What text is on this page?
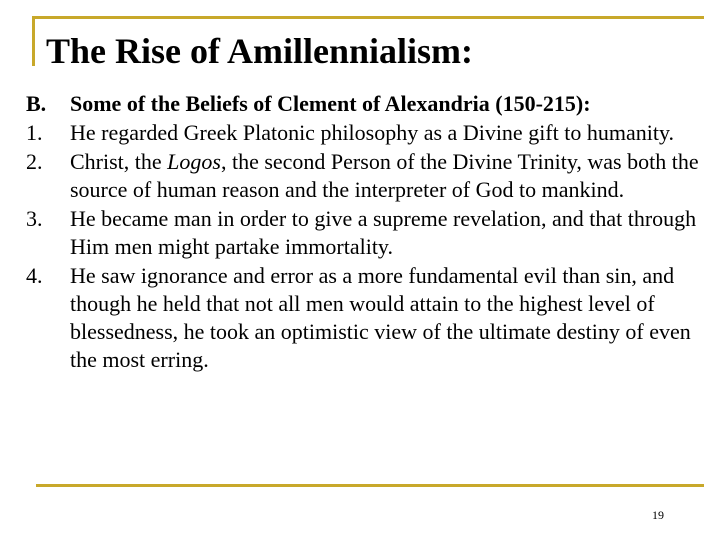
The Rise of Amillennialism:
B. Some of the Beliefs of Clement of Alexandria (150-215):
1. He regarded Greek Platonic philosophy as a Divine gift to humanity.
2. Christ, the Logos, the second Person of the Divine Trinity, was both the source of human reason and the interpreter of God to mankind.
3. He became man in order to give a supreme revelation, and that through Him men might partake immortality.
4. He saw ignorance and error as a more fundamental evil than sin, and though he held that not all men would attain to the highest level of blessedness, he took an optimistic view of the ultimate destiny of even the most erring.
19
